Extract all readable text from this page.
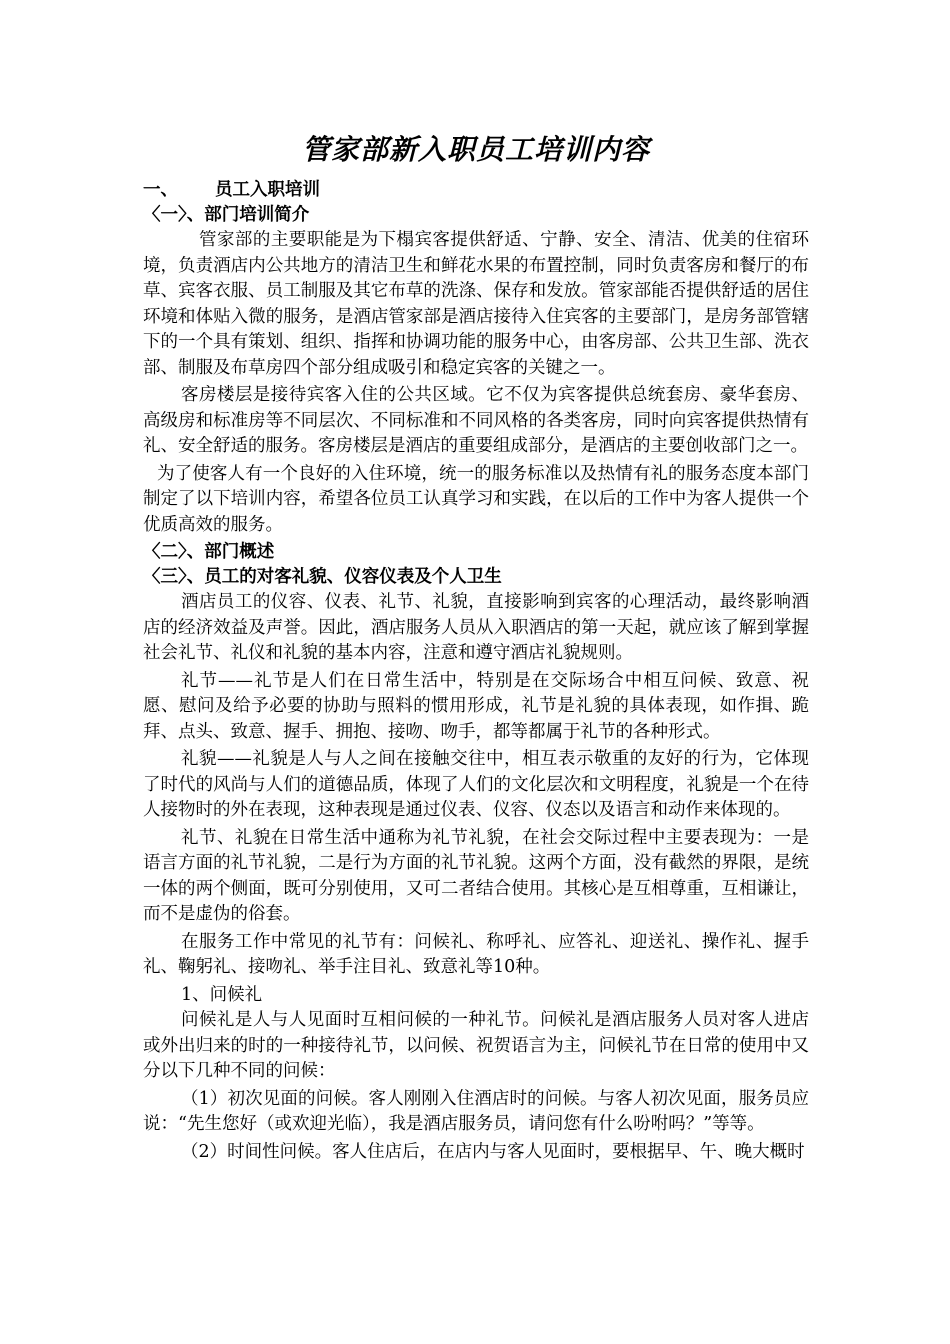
管家部新入职员工培训内容

一、 员工入职培训

〈一〉、部门培训简介

管家部的主要职能是为下榻宾客提供舒适、宁静、安全、清洁、优美的住宿环境，负责酒店内公共地方的清洁卫生和鲜花水果的布置控制，同时负责客房和餐厅的布草、宾客衣服、员工制服及其它布草的洗涤、保存和发放。管家部能否提供舒适的居住环境和体贴入微的服务，是酒店管家部是酒店接待入住宾客的主要部门，是房务部管辖下的一个具有策划、组织、指挥和协调功能的服务中心，由客房部、公共卫生部、洗衣部、制服及布草房四个部分组成吸引和稳定宾客的关键之一。

客房楼层是接待宾客入住的公共区域。它不仅为宾客提供总统套房、豪华套房、高级房和标准房等不同层次、不同标准和不同风格的各类客房，同时向宾客提供热情有礼、安全舒适的服务。客房楼层是酒店的重要组成部分，是酒店的主要创收部门之一。

为了使客人有一个良好的入住环境，统一的服务标准以及热情有礼的服务态度本部门制定了以下培训内容，希望各位员工认真学习和实践，在以后的工作中为客人提供一个优质高效的服务。

〈二〉、部门概述

〈三〉、员工的对客礼貌、仪容仪表及个人卫生

酒店员工的仪容、仪表、礼节、礼貌，直接影响到宾客的心理活动，最终影响酒店的经济效益及声誉。因此，酒店服务人员从入职酒店的第一天起，就应该了解到掌握社会礼节、礼仪和礼貌的基本内容，注意和遵守酒店礼貌规则。

礼节——礼节是人们在日常生活中，特别是在交际场合中相互问候、致意、祝愿、慰问及给予必要的协助与照料的惯用形成，礼节是礼貌的具体表现，如作揖、跪拜、点头、致意、握手、拥抱、接吻、吻手，都等都属于礼节的各种形式。

礼貌——礼貌是人与人之间在接触交往中，相互表示敬重的友好的行为，它体现了时代的风尚与人们的道德品质，体现了人们的文化层次和文明程度，礼貌是一个在待人接物时的外在表现，这种表现是通过仪表、仪容、仪态以及语言和动作来体现的。

礼节、礼貌在日常生活中通称为礼节礼貌，在社会交际过程中主要表现为：一是语言方面的礼节礼貌，二是行为方面的礼节礼貌。这两个方面，没有截然的界限，是统一体的两个侧面，既可分别使用，又可二者结合使用。其核心是互相尊重，互相谦让，而不是虚伪的俗套。

在服务工作中常见的礼节有：问候礼、称呼礼、应答礼、迎送礼、操作礼、握手礼、鞠躬礼、接吻礼、举手注目礼、致意礼等10种。

1、问候礼

问候礼是人与人见面时互相问候的一种礼节。问候礼是酒店服务人员对客人进店或外出归来的时的一种接待礼节，以问候、祝贺语言为主，问候礼节在日常的使用中又分以下几种不同的问候：

（1）初次见面的问候。客人刚刚入住酒店时的问候。与客人初次见面，服务员应说：“先生您好（或欢迎光临），我是酒店服务员，请问您有什么吩咐吗？”等等。

（2）时间性问候。客人住店后，在店内与客人见面时，要根据早、午、晚大概时
